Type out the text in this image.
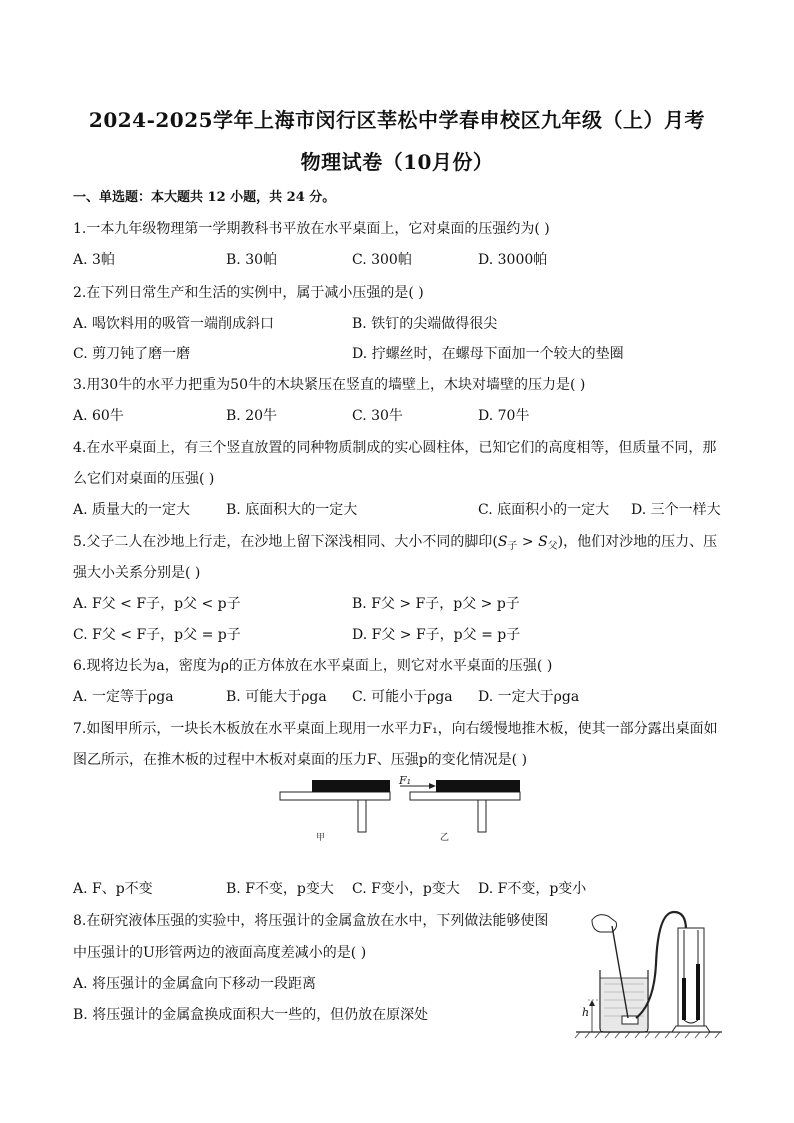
2024-2025学年上海市闵行区莘松中学春申校区九年级（上）月考
物理试卷（10月份）
一、单选题：本大题共 12 小题，共 24 分。
1.一本九年级物理第一学期教科书平放在水平桌面上，它对桌面的压强约为( )
A. 3帕	B. 30帕	C. 300帕	D. 3000帕
2.在下列日常生产和生活的实例中，属于减小压强的是( )
A. 喝饮料用的吸管一端削成斜口	B. 铁钉的尖端做得很尖
C. 剪刀钝了磨一磨	D. 拧螺丝时，在螺母下面加一个较大的垫圈
3.用30牛的水平力把重为50牛的木块紧压在竖直的墙壁上，木块对墙壁的压力是( )
A. 60牛	B. 20牛	C. 30牛	D. 70牛
4.在水平桌面上，有三个竖直放置的同种物质制成的实心圆柱体，已知它们的高度相等，但质量不同，那
么它们对桌面的压强( )
A. 质量大的一定大	B. 底面积大的一定大	C. 底面积小的一定大 D. 三个一样大
5.父子二人在沙地上行走，在沙地上留下深浅相同、大小不同的脚印$(S_子 > S_父)$，他们对沙地的压力、压
强大小关系分别是( )
A. F父 < F子，p父 < p子	B. F父 > F子，p父 > p子
C. F父 < F子，p父 = p子	D. F父 > F子，p父 = p子
6.现将边长为a，密度为ρ的正方体放在水平桌面上，则它对水平桌面的压强( )
A. 一定等于ρga	B. 可能大于ρga C. 可能小于ρga D. 一定大于ρga
7.如图甲所示，一块长木板放在水平桌面上现用一水平力F₁，向右缓慢地推木板，使其一部分露出桌面如
图乙所示，在推木板的过程中木板对桌面的压力F、压强p的变化情况是( )
甲
F₁
乙
A. F、p不变	B. F不变，p变大 C. F变小，p变大 D. F不变，p变小
8.在研究液体压强的实验中，将压强计的金属盒放在水中，下列做法能够使图
中压强计的U形管两边的液面高度差减小的是( )
A. 将压强计的金属盒向下移动一段距离
B. 将压强计的金属盒换成面积大一些的，但仍放在原深处	h
